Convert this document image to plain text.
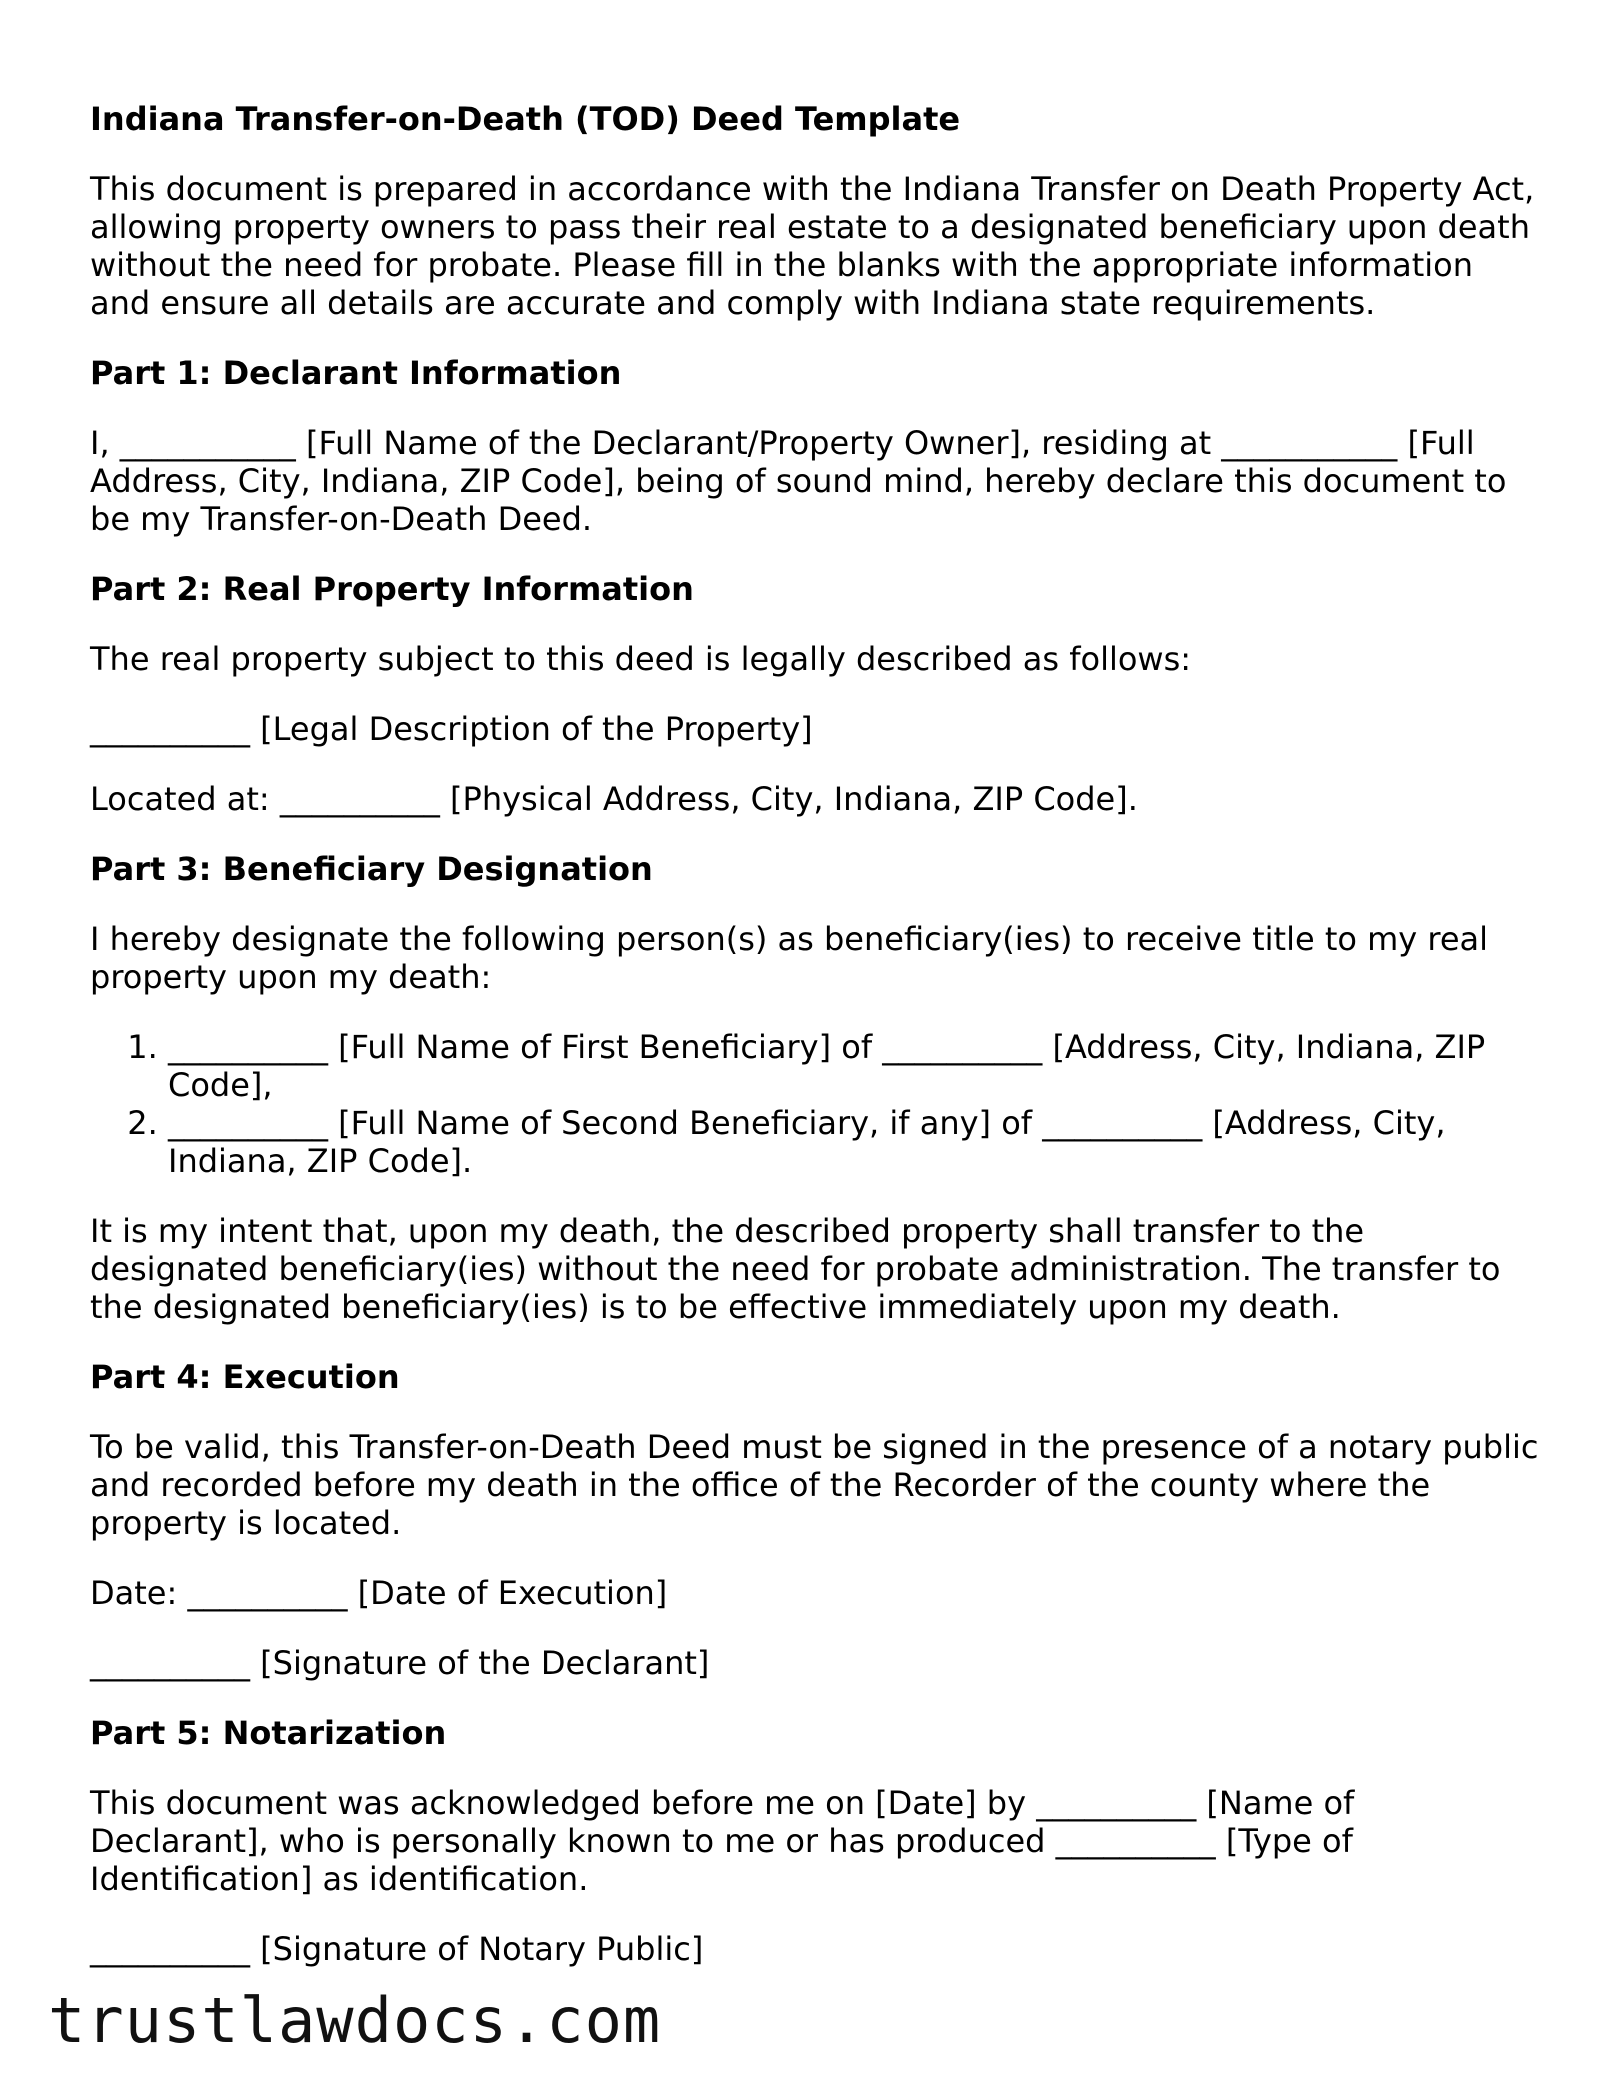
Indiana Transfer-on-Death (TOD) Deed Template

This document is prepared in accordance with the Indiana Transfer on Death Property Act, allowing property owners to pass their real estate to a designated beneficiary upon death without the need for probate. Please fill in the blanks with the appropriate information and ensure all details are accurate and comply with Indiana state requirements.

Part 1: Declarant Information

I, ___________ [Full Name of the Declarant/Property Owner], residing at ___________ [Full Address, City, Indiana, ZIP Code], being of sound mind, hereby declare this document to be my Transfer-on-Death Deed.

Part 2: Real Property Information

The real property subject to this deed is legally described as follows:

__________ [Legal Description of the Property]

Located at: __________ [Physical Address, City, Indiana, ZIP Code].

Part 3: Beneficiary Designation

I hereby designate the following person(s) as beneficiary(ies) to receive title to my real property upon my death:

1. __________ [Full Name of First Beneficiary] of __________ [Address, City, Indiana, ZIP Code],
2. __________ [Full Name of Second Beneficiary, if any] of __________ [Address, City, Indiana, ZIP Code].

It is my intent that, upon my death, the described property shall transfer to the designated beneficiary(ies) without the need for probate administration. The transfer to the designated beneficiary(ies) is to be effective immediately upon my death.

Part 4: Execution

To be valid, this Transfer-on-Death Deed must be signed in the presence of a notary public and recorded before my death in the office of the Recorder of the county where the property is located.

Date: __________ [Date of Execution]

__________ [Signature of the Declarant]

Part 5: Notarization

This document was acknowledged before me on [Date] by __________ [Name of Declarant], who is personally known to me or has produced __________ [Type of Identification] as identification.

__________ [Signature of Notary Public]

trustlawdocs.com
